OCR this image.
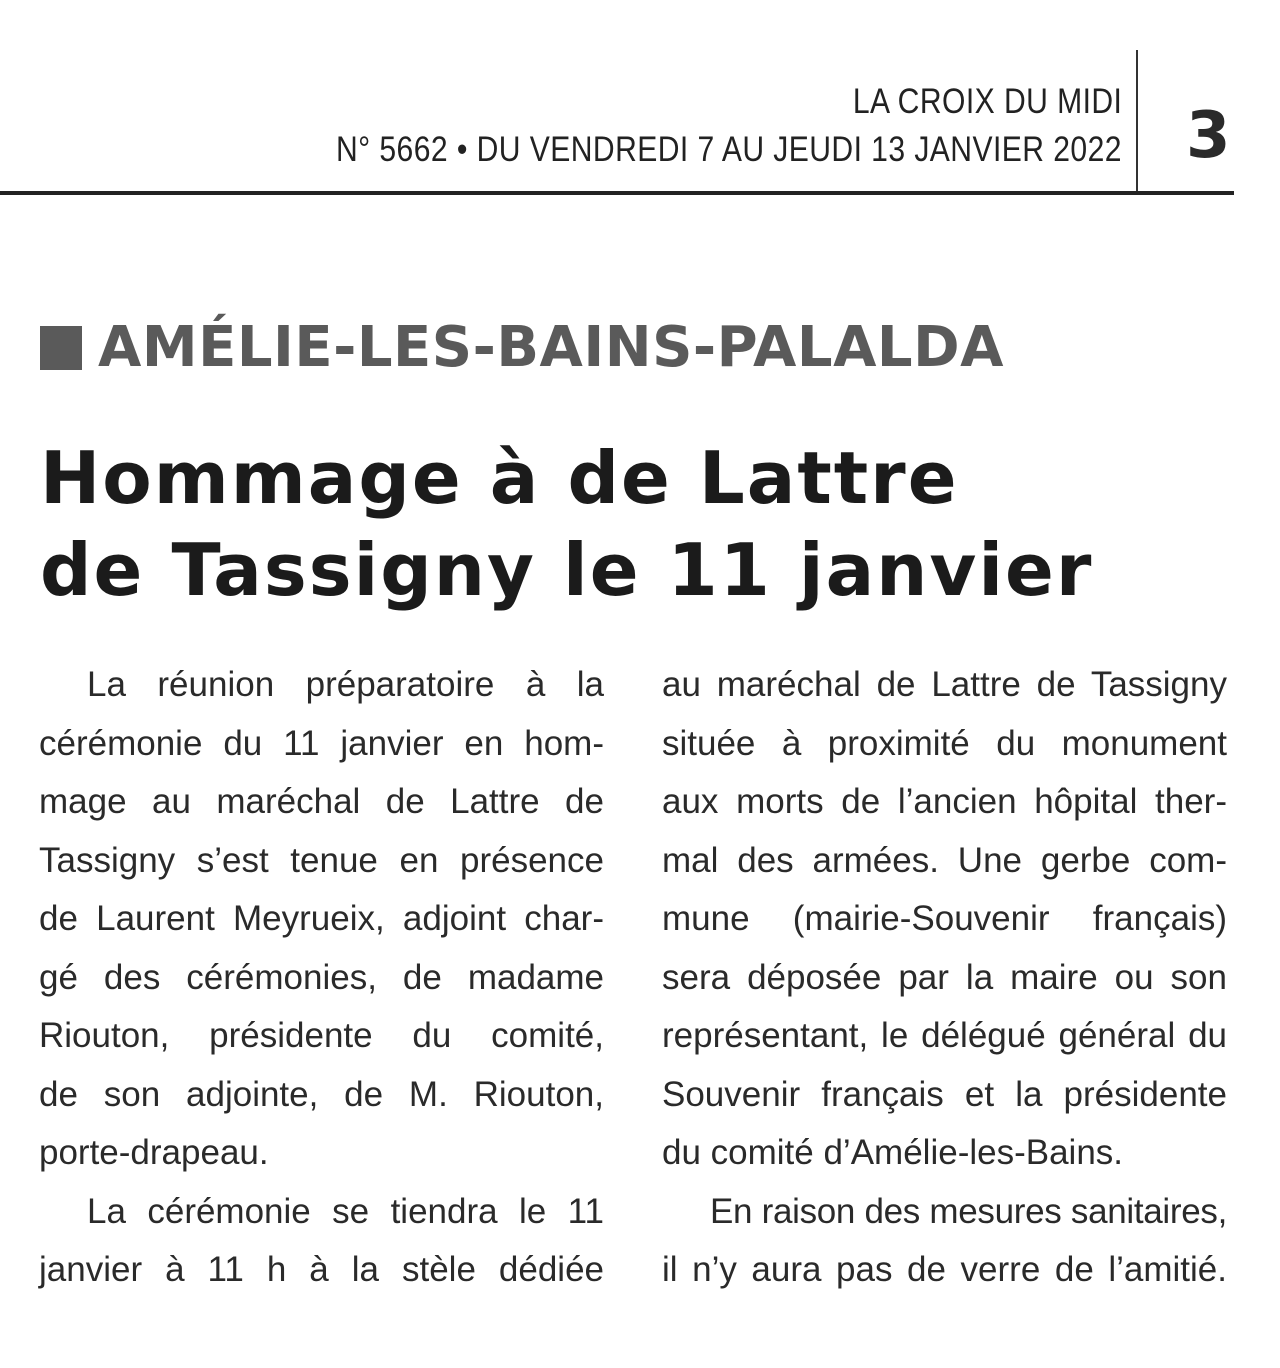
LA CROIX DU MIDI
N° 5662 • DU VENDREDI 7 AU JEUDI 13 JANVIER 2022 3
AMÉLIE-LES-BAINS-PALALDA
Hommage à de Lattre
de Tassigny le 11 janvier

La réunion préparatoire à la
cérémonie du 11 janvier en hom-
mage au maréchal de Lattre de
Tassigny s’est tenue en présence
de Laurent Meyrueix, adjoint char-
gé des cérémonies, de madame
Riouton, présidente du comité,
de son adjointe, de M. Riouton,
porte-drapeau.

La cérémonie se tiendra le 11
janvier à 11 h à la stèle dédiée

au maréchal de Lattre de Tassigny
située à proximité du monument
aux morts de l’ancien hôpital ther-
mal des armées. Une gerbe com-
mune (mairie-Souvenir français)
sera déposée par la maire ou son
représentant, le délégué général du
Souvenir français et la présidente
du comité d’Amélie-les-Bains.

En raison des mesures sanitaires,
il n’y aura pas de verre de l’amitié.
